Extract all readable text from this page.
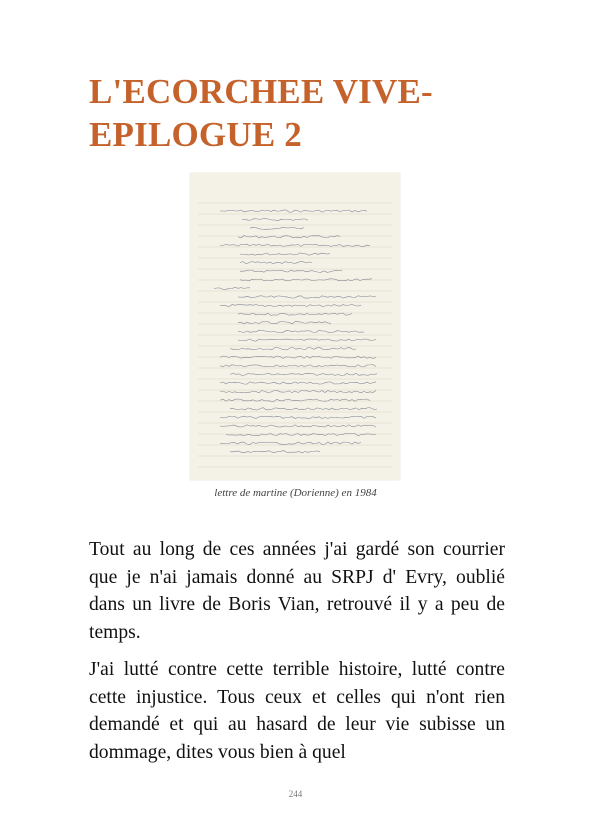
L'ECORCHEE VIVE-
EPILOGUE 2
lettre de martine (Dorienne) en 1984

Tout au long de ces années j'ai gardé son courrier que je n'ai jamais donné au SRPJ d' Evry, oublié dans un livre de Boris Vian, retrouvé il y a peu de temps.

J'ai lutté contre cette terrible histoire, lutté contre cette injustice. Tous ceux et celles qui n'ont rien demandé et qui au hasard de leur vie subisse un dommage, dites vous bien à quel

244
